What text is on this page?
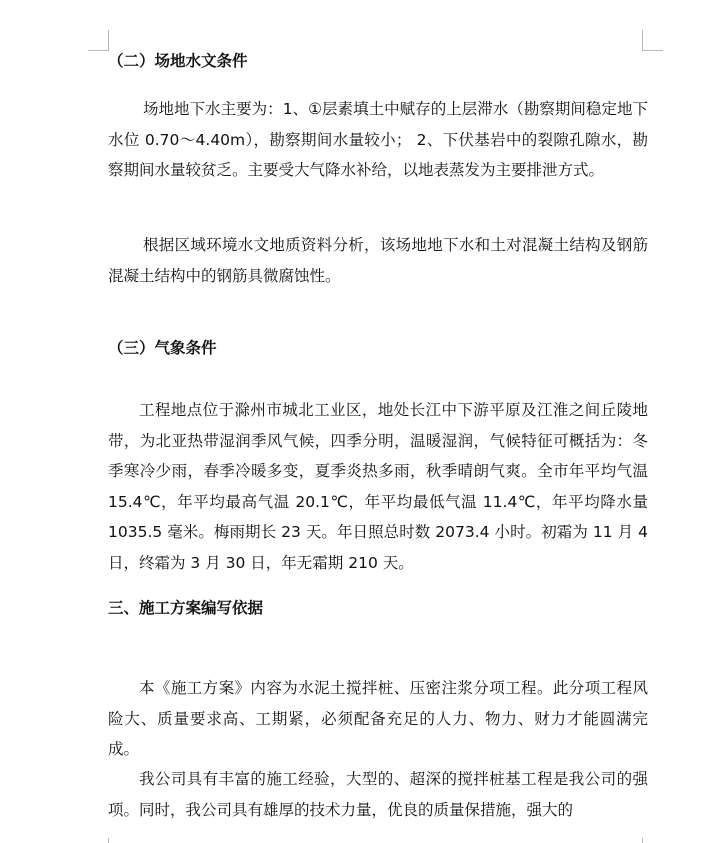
（二）场地水文条件

场地地下水主要为：1、①层素填土中赋存的上层滞水（勘察期间稳定地下水位 0.70～4.40m），勘察期间水量较小； 2、下伏基岩中的裂隙孔隙水，勘察期间水量较贫乏。主要受大气降水补给，以地表蒸发为主要排泄方式。

根据区域环境水文地质资料分析，该场地地下水和土对混凝土结构及钢筋混凝土结构中的钢筋具微腐蚀性。

（三）气象条件

工程地点位于滁州市城北工业区，地处长江中下游平原及江淮之间丘陵地带，为北亚热带湿润季风气候，四季分明，温暖湿润，气候特征可概括为：冬季寒冷少雨，春季冷暖多变，夏季炎热多雨，秋季晴朗气爽。全市年平均气温 15.4℃，年平均最高气温 20.1℃，年平均最低气温 11.4℃，年平均降水量 1035.5 毫米。梅雨期长 23 天。年日照总时数 2073.4 小时。初霜为 11 月 4 日，终霜为 3 月 30 日，年无霜期 210 天。

三、施工方案编写依据

本《施工方案》内容为水泥土搅拌桩、压密注浆分项工程。此分项工程风险大、质量要求高、工期紧，必须配备充足的人力、物力、财力才能圆满完成。

我公司具有丰富的施工经验，大型的、超深的搅拌桩基工程是我公司的强项。同时，我公司具有雄厚的技术力量，优良的质量保措施，强大的
